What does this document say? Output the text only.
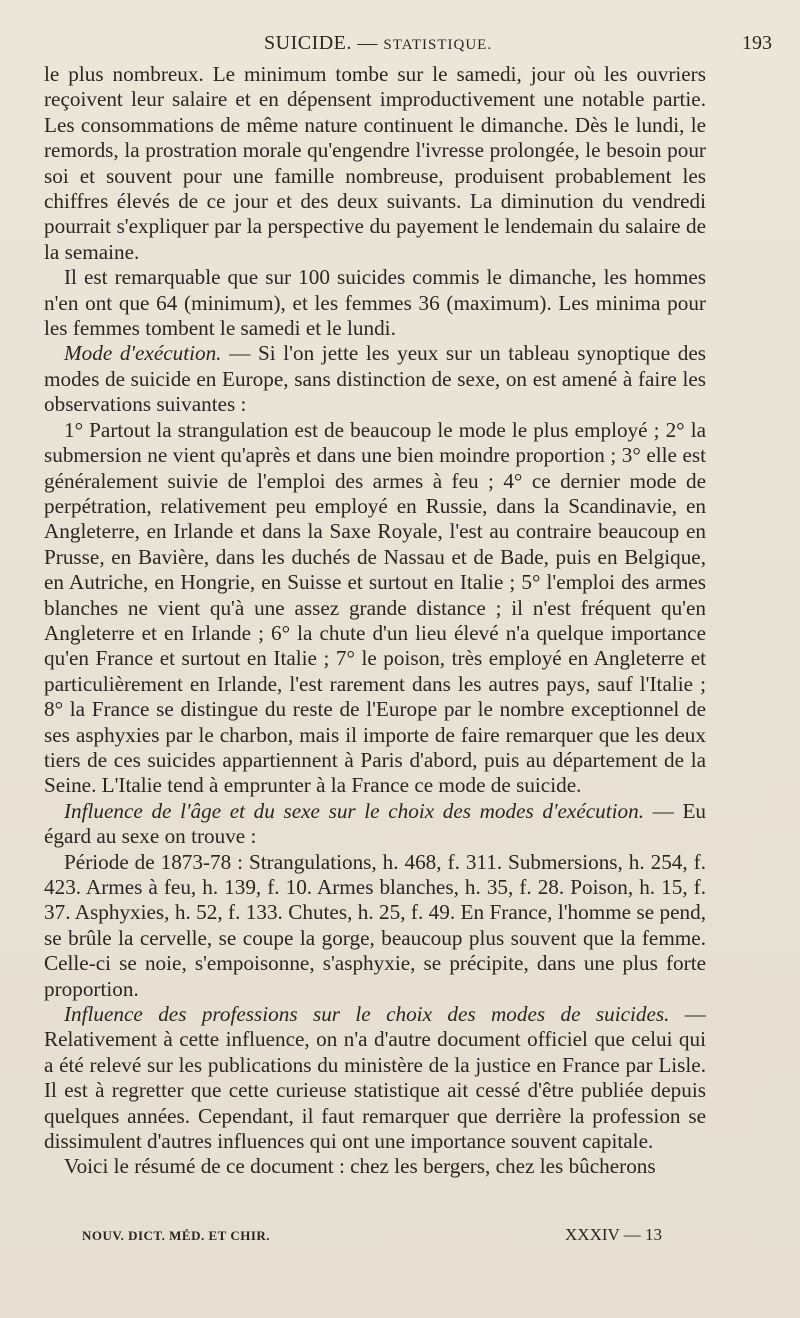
SUICIDE. — STATISTIQUE.	193

le plus nombreux. Le minimum tombe sur le samedi, jour où les ouvriers reçoivent leur salaire et en dépensent improductivement une notable partie. Les consommations de même nature continuent le dimanche. Dès le lundi, le remords, la prostration morale qu'engendre l'ivresse prolongée, le besoin pour soi et souvent pour une famille nombreuse, produisent probablement les chiffres élevés de ce jour et des deux suivants. La diminution du vendredi pourrait s'expliquer par la perspective du payement le lendemain du salaire de la semaine.

Il est remarquable que sur 100 suicides commis le dimanche, les hommes n'en ont que 64 (minimum), et les femmes 36 (maximum). Les minima pour les femmes tombent le samedi et le lundi.

Mode d'exécution. — Si l'on jette les yeux sur un tableau synoptique des modes de suicide en Europe, sans distinction de sexe, on est amené à faire les observations suivantes :

1° Partout la strangulation est de beaucoup le mode le plus employé ; 2° la submersion ne vient qu'après et dans une bien moindre proportion ; 3° elle est généralement suivie de l'emploi des armes à feu ; 4° ce dernier mode de perpétration, relativement peu employé en Russie, dans la Scandinavie, en Angleterre, en Irlande et dans la Saxe Royale, l'est au contraire beaucoup en Prusse, en Bavière, dans les duchés de Nassau et de Bade, puis en Belgique, en Autriche, en Hongrie, en Suisse et surtout en Italie ; 5° l'emploi des armes blanches ne vient qu'à une assez grande distance ; il n'est fréquent qu'en Angleterre et en Irlande ; 6° la chute d'un lieu élevé n'a quelque importance qu'en France et surtout en Italie ; 7° le poison, très employé en Angleterre et particulièrement en Irlande, l'est rarement dans les autres pays, sauf l'Italie ; 8° la France se distingue du reste de l'Europe par le nombre exceptionnel de ses asphyxies par le charbon, mais il importe de faire remarquer que les deux tiers de ces suicides appartiennent à Paris d'abord, puis au département de la Seine. L'Italie tend à emprunter à la France ce mode de suicide.

Influence de l'âge et du sexe sur le choix des modes d'exécution. — Eu égard au sexe on trouve :

Période de 1873-78 : Strangulations, h. 468, f. 311. Submersions, h. 254, f. 423. Armes à feu, h. 139, f. 10. Armes blanches, h. 35, f. 28. Poison, h. 15, f. 37. Asphyxies, h. 52, f. 133. Chutes, h. 25, f. 49. En France, l'homme se pend, se brûle la cervelle, se coupe la gorge, beaucoup plus souvent que la femme. Celle-ci se noie, s'empoisonne, s'asphyxie, se précipite, dans une plus forte proportion.

Influence des professions sur le choix des modes de suicides. — Relativement à cette influence, on n'a d'autre document officiel que celui qui a été relevé sur les publications du ministère de la justice en France par Lisle. Il est à regretter que cette curieuse statistique ait cessé d'être publiée depuis quelques années. Cependant, il faut remarquer que derrière la profession se dissimulent d'autres influences qui ont une importance souvent capitale.

Voici le résumé de ce document : chez les bergers, chez les bûcherons

NOUV. DICT. MÉD. ET CHIR.	XXXIV — 13
